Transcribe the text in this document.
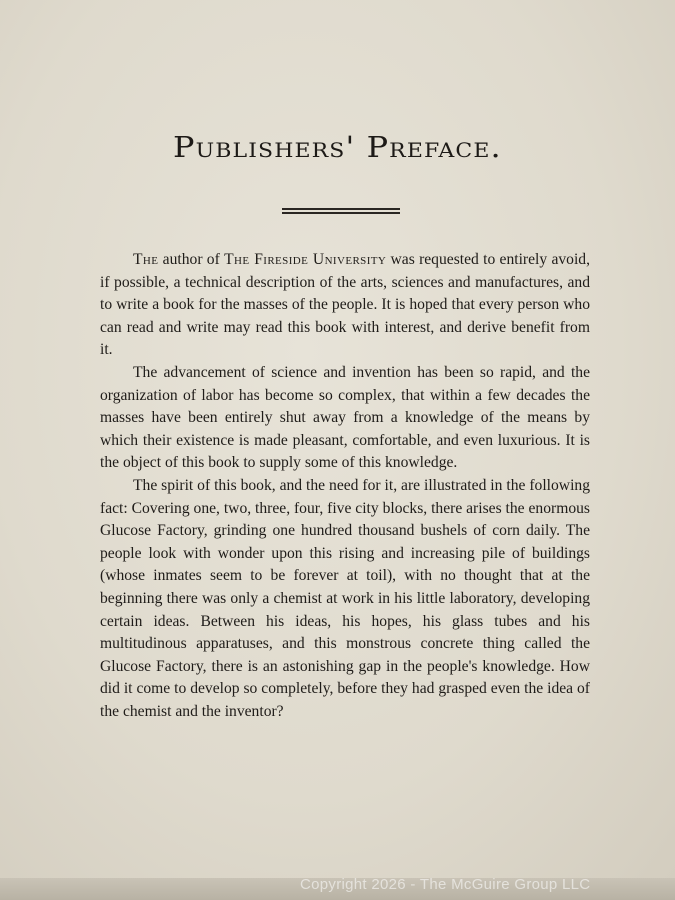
Publishers' Preface.

The author of The Fireside University was requested to entirely avoid, if possible, a technical description of the arts, sciences and manufactures, and to write a book for the masses of the people. It is hoped that every person who can read and write may read this book with interest, and derive benefit from it.

The advancement of science and invention has been so rapid, and the organization of labor has become so complex, that within a few decades the masses have been entirely shut away from a knowledge of the means by which their existence is made pleasant, comfortable, and even luxurious. It is the object of this book to supply some of this knowledge.

The spirit of this book, and the need for it, are illustrated in the following fact: Covering one, two, three, four, five city blocks, there arises the enormous Glucose Factory, grinding one hundred thousand bushels of corn daily. The people look with wonder upon this rising and increasing pile of buildings (whose inmates seem to be forever at toil), with no thought that at the beginning there was only a chemist at work in his little laboratory, developing certain ideas. Between his ideas, his hopes, his glass tubes and his multitudinous apparatuses, and this monstrous concrete thing called the Glucose Factory, there is an astonishing gap in the people's knowledge. How did it come to develop so completely, before they had grasped even the idea of the chemist and the inventor?

Copyright 2026 - The McGuire Group LLC
